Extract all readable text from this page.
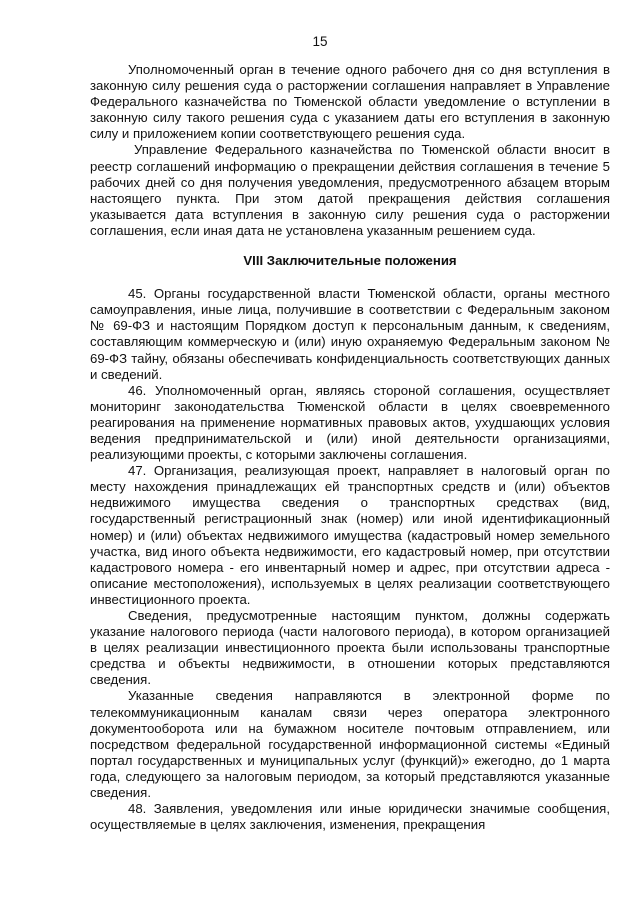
15

Уполномоченный орган в течение одного рабочего дня со дня вступления в законную силу решения суда о расторжении соглашения направляет в Управление Федерального казначейства по Тюменской области уведомление о вступлении в законную силу такого решения суда с указанием даты его вступления в законную силу и приложением копии соответствующего решения суда.

Управление Федерального казначейства по Тюменской области вносит в реестр соглашений информацию о прекращении действия соглашения в течение 5 рабочих дней со дня получения уведомления, предусмотренного абзацем вторым настоящего пункта. При этом датой прекращения действия соглашения указывается дата вступления в законную силу решения суда о расторжении соглашения, если иная дата не установлена указанным решением суда.

VIII Заключительные положения

45. Органы государственной власти Тюменской области, органы местного самоуправления, иные лица, получившие в соответствии с Федеральным законом № 69-ФЗ и настоящим Порядком доступ к персональным данным, к сведениям, составляющим коммерческую и (или) иную охраняемую Федеральным законом № 69-ФЗ тайну, обязаны обеспечивать конфиденциальность соответствующих данных и сведений.

46. Уполномоченный орган, являясь стороной соглашения, осуществляет мониторинг законодательства Тюменской области в целях своевременного реагирования на применение нормативных правовых актов, ухудшающих условия ведения предпринимательской и (или) иной деятельности организациями, реализующими проекты, с которыми заключены соглашения.

47. Организация, реализующая проект, направляет в налоговый орган по месту нахождения принадлежащих ей транспортных средств и (или) объектов недвижимого имущества сведения о транспортных средствах (вид, государственный регистрационный знак (номер) или иной идентификационный номер) и (или) объектах недвижимого имущества (кадастровый номер земельного участка, вид иного объекта недвижимости, его кадастровый номер, при отсутствии кадастрового номера - его инвентарный номер и адрес, при отсутствии адреса - описание местоположения), используемых в целях реализации соответствующего инвестиционного проекта.

Сведения, предусмотренные настоящим пунктом, должны содержать указание налогового периода (части налогового периода), в котором организацией в целях реализации инвестиционного проекта были использованы транспортные средства и объекты недвижимости, в отношении которых представляются сведения.

Указанные сведения направляются в электронной форме по телекоммуникационным каналам связи через оператора электронного документооборота или на бумажном носителе почтовым отправлением, или посредством федеральной государственной информационной системы «Единый портал государственных и муниципальных услуг (функций)» ежегодно, до 1 марта года, следующего за налоговым периодом, за который представляются указанные сведения.

48. Заявления, уведомления или иные юридически значимые сообщения, осуществляемые в целях заключения, изменения, прекращения
